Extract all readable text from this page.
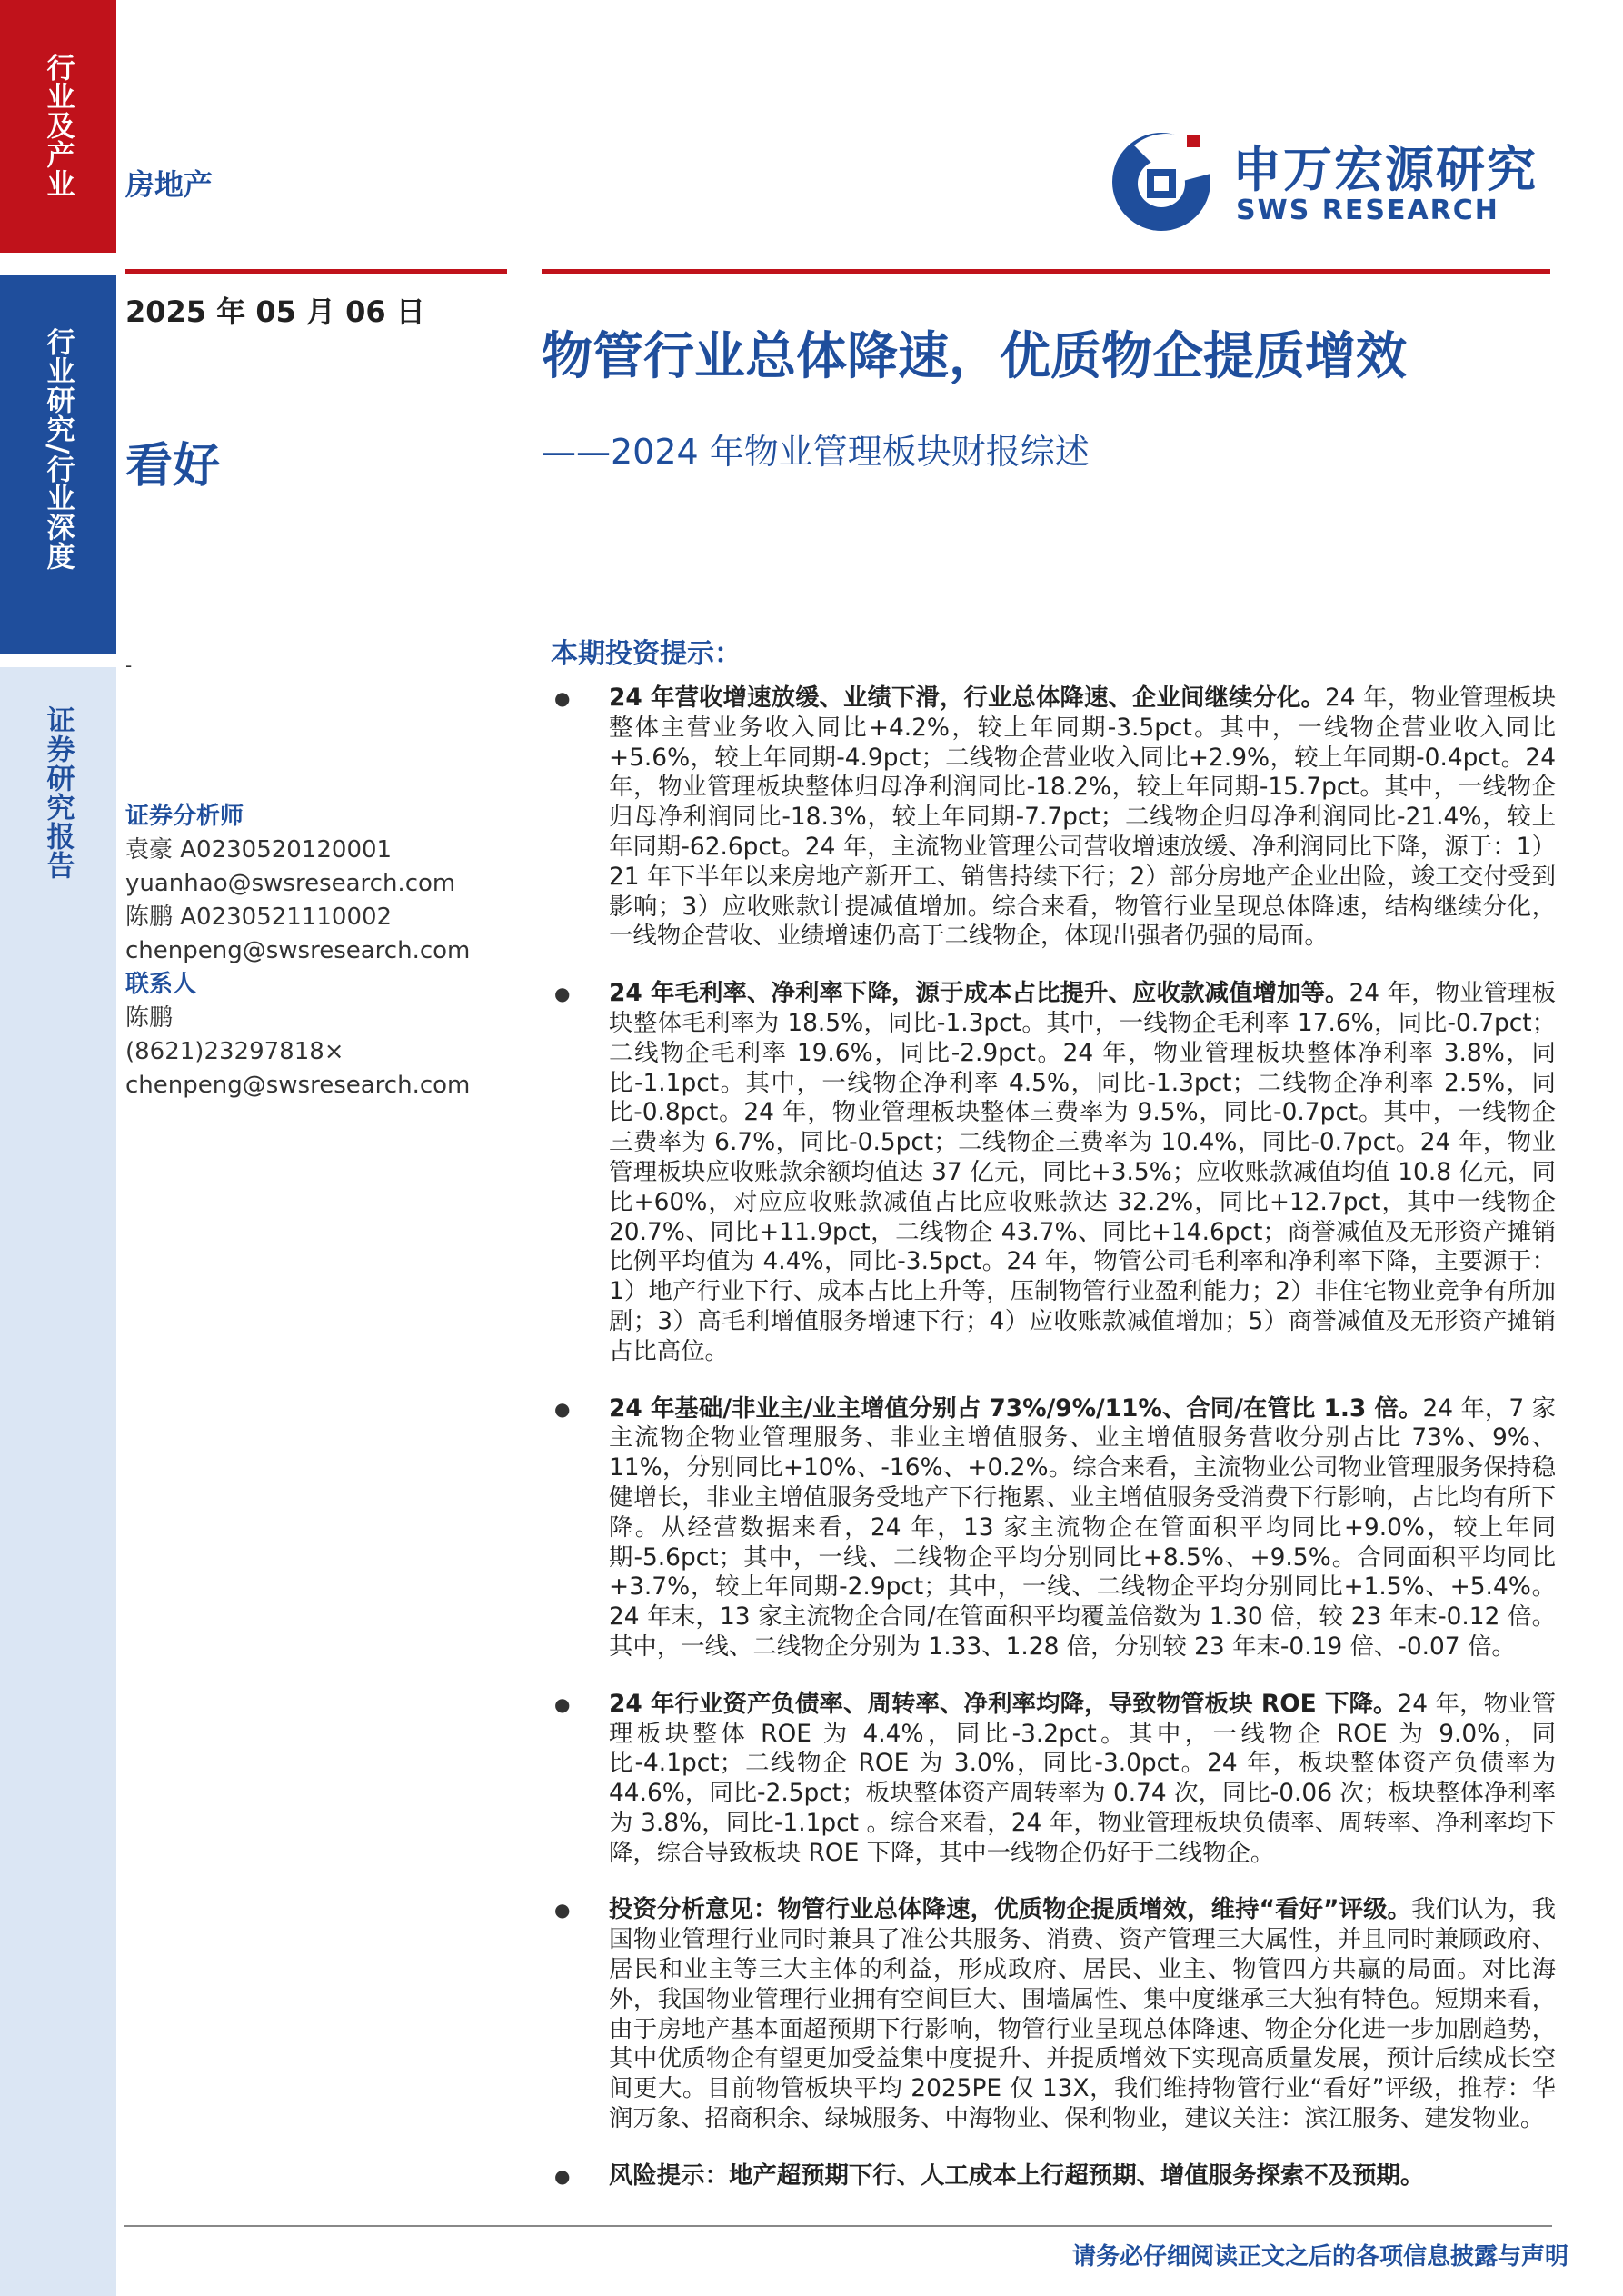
行业及产业
行业研究/行业深度
证券研究报告
房地产
2025 年 05 月 06 日
看好
-
申万宏源研究
SWS RESEARCH
物管行业总体降速，优质物企提质增效
——2024 年物业管理板块财报综述
证券分析师
袁豪 A0230520120001
yuanhao@swsresearch.com
陈鹏 A0230521110002
chenpeng@swsresearch.com
联系人
陈鹏
(8621)23297818×
chenpeng@swsresearch.com
本期投资提示：
● 24 年营收增速放缓、业绩下滑，行业总体降速、企业间继续分化。24 年，物业管理板块整体主营业务收入同比+4.2%，较上年同期-3.5pct。其中，一线物企营业收入同比+5.6%，较上年同期-4.9pct；二线物企营业收入同比+2.9%，较上年同期-0.4pct。24 年，物业管理板块整体归母净利润同比-18.2%，较上年同期-15.7pct。其中，一线物企归母净利润同比-18.3%，较上年同期-7.7pct；二线物企归母净利润同比-21.4%，较上年同期-62.6pct。24 年，主流物业管理公司营收增速放缓、净利润同比下降，源于：1）21 年下半年以来房地产新开工、销售持续下行；2）部分房地产企业出险，竣工交付受到影响；3）应收账款计提减值增加。综合来看，物管行业呈现总体降速，结构继续分化，一线物企营收、业绩增速仍高于二线物企，体现出强者仍强的局面。
● 24 年毛利率、净利率下降，源于成本占比提升、应收款减值增加等。24 年，物业管理板块整体毛利率为 18.5%，同比-1.3pct。其中，一线物企毛利率 17.6%，同比-0.7pct；二线物企毛利率 19.6%，同比-2.9pct。24 年，物业管理板块整体净利率 3.8%，同比-1.1pct。其中，一线物企净利率 4.5%，同比-1.3pct；二线物企净利率 2.5%，同比-0.8pct。24 年，物业管理板块整体三费率为 9.5%，同比-0.7pct。其中，一线物企三费率为 6.7%，同比-0.5pct；二线物企三费率为 10.4%，同比-0.7pct。24 年，物业管理板块应收账款余额均值达 37 亿元，同比+3.5%；应收账款减值均值 10.8 亿元，同比+60%，对应应收账款减值占比应收账款达 32.2%，同比+12.7pct，其中一线物企 20.7%、同比+11.9pct，二线物企 43.7%、同比+14.6pct；商誉减值及无形资产摊销比例平均值为 4.4%，同比-3.5pct。24 年，物管公司毛利率和净利率下降，主要源于：1）地产行业下行、成本占比上升等，压制物管行业盈利能力；2）非住宅物业竞争有所加剧；3）高毛利增值服务增速下行；4）应收账款减值增加；5）商誉减值及无形资产摊销占比高位。
● 24 年基础/非业主/业主增值分别占 73%/9%/11%、合同/在管比 1.3 倍。24 年，7 家主流物企物业管理服务、非业主增值服务、业主增值服务营收分别占比 73%、9%、11%，分别同比+10%、-16%、+0.2%。综合来看，主流物业公司物业管理服务保持稳健增长，非业主增值服务受地产下行拖累、业主增值服务受消费下行影响，占比均有所下降。从经营数据来看，24 年，13 家主流物企在管面积平均同比+9.0%，较上年同期-5.6pct；其中，一线、二线物企平均分别同比+8.5%、+9.5%。合同面积平均同比+3.7%，较上年同期-2.9pct；其中，一线、二线物企平均分别同比+1.5%、+5.4%。24 年末，13 家主流物企合同/在管面积平均覆盖倍数为 1.30 倍，较 23 年末-0.12 倍。其中，一线、二线物企分别为 1.33、1.28 倍，分别较 23 年末-0.19 倍、-0.07 倍。
● 24 年行业资产负债率、周转率、净利率均降，导致物管板块 ROE 下降。24 年，物业管理板块整体 ROE 为 4.4%，同比-3.2pct。其中，一线物企 ROE 为 9.0%，同比-4.1pct；二线物企 ROE 为 3.0%，同比-3.0pct。24 年，板块整体资产负债率为 44.6%，同比-2.5pct；板块整体资产周转率为 0.74 次，同比-0.06 次；板块整体净利率为 3.8%，同比-1.1pct 。综合来看，24 年，物业管理板块负债率、周转率、净利率均下降，综合导致板块 ROE 下降，其中一线物企仍好于二线物企。
● 投资分析意见：物管行业总体降速，优质物企提质增效，维持“看好”评级。我们认为，我国物业管理行业同时兼具了准公共服务、消费、资产管理三大属性，并且同时兼顾政府、居民和业主等三大主体的利益，形成政府、居民、业主、物管四方共赢的局面。对比海外，我国物业管理行业拥有空间巨大、围墙属性、集中度继承三大独有特色。短期来看，由于房地产基本面超预期下行影响，物管行业呈现总体降速、物企分化进一步加剧趋势，其中优质物企有望更加受益集中度提升、并提质增效下实现高质量发展，预计后续成长空间更大。目前物管板块平均 2025PE 仅 13X，我们维持物管行业“看好”评级，推荐：华润万象、招商积余、绿城服务、中海物业、保利物业，建议关注：滨江服务、建发物业。
● 风险提示：地产超预期下行、人工成本上行超预期、增值服务探索不及预期。
请务必仔细阅读正文之后的各项信息披露与声明
